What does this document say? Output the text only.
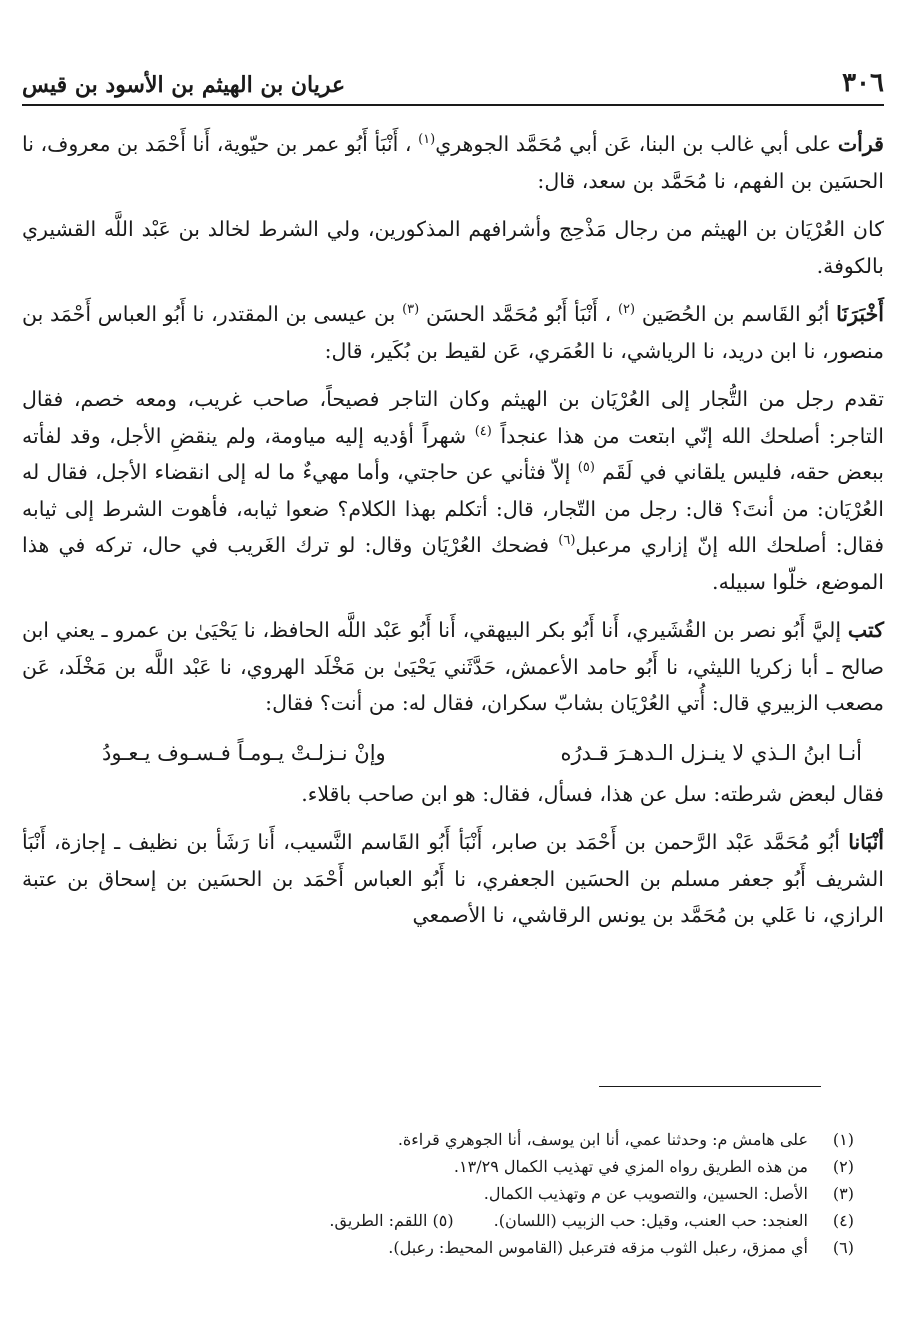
٣٠٦
عريان بن الهيثم بن الأسود بن قيس

قرأت على أبي غالب بن البنا، عَن أبي مُحَمَّد الجوهري$^{(١)}$ ، أَنْبَأ أَبُو عمر بن حيّوية، أَنا أَحْمَد بن معروف، نا الحسَين بن الفهم، نا مُحَمَّد بن سعد، قال:

كان العُرْيَان بن الهيثم من رجال مَذْحِج وأشرافهم المذكورين، ولي الشرط لخالد بن عَبْد اللَّه القشيري بالكوفة.

أَخْبَرَنَا أبُو القَاسم بن الحُصَين $^{(٢)}$ ، أَنْبَأ أَبُو مُحَمَّد الحسَن $^{(٣)}$ بن عيسى بن المقتدر، نا أَبُو العباس أَحْمَد بن منصور، نا ابن دريد، نا الرياشي، نا العُمَري، عَن لقيط بن بُكَير، قال:

تقدم رجل من التُّجار إلى العُرْيَان بن الهيثم وكان التاجر فصيحاً، صاحب غريب، ومعه خصم، فقال التاجر: أصلحك الله إنّي ابتعت من هذا عنجداً $^{(٤)}$ شهراً أؤديه إليه مياومة، ولم ينقضِ الأجل، وقد لفأته ببعض حقه، فليس يلقاني في لَقَم $^{(٥)}$ إلاّ فثأني عن حاجتي، وأما مهيءٌ ما له إلى انقضاء الأجل، فقال له العُرْيَان: من أنتَ؟ قال: رجل من التّجار، قال: أتكلم بهذا الكلام؟ ضعوا ثيابه، فأهوت الشرط إلى ثيابه فقال: أصلحك الله إنّ إزاري مرعبل$^{(٦)}$ فضحك العُرْيَان وقال: لو ترك الغَريب في حال، تركه في هذا الموضع، خلّوا سبيله.

كتب إليَّ أَبُو نصر بن القُشَيري، أَنا أَبُو بكر البيهقي، أَنا أَبُو عَبْد اللَّه الحافظ، نا يَحْيَىٰ بن عمرو ـ يعني ابن صالح ـ أبا زكريا الليثي، نا أَبُو حامد الأعمش، حَدَّثَني يَحْيَىٰ بن مَخْلَد الهروي، نا عَبْد اللَّه بن مَخْلَد، عَن مصعب الزبيري قال: أُتي العُرْيَان بشابّ سكران، فقال له: من أنت؟ فقال:

أنـا ابنُ الـذي لا ينـزل الـدهـرَ قـدرُه
وإنْ نـزلـتْ يـومـاً فـسـوف يـعـودُ

فقال لبعض شرطته: سل عن هذا، فسأل، فقال: هو ابن صاحب باقلاء.

أنْبَانا أبُو مُحَمَّد عَبْد الرَّحمن بن أَحْمَد بن صابر، أَنْبَأ أَبُو القَاسم النَّسيب، أَنا رَشَأ بن نظيف ـ إجازة، أَنْبَأ الشريف أَبُو جعفر مسلم بن الحسَين الجعفري، نا أَبُو العباس أَحْمَد بن الحسَين بن إسحاق بن عتبة الرازي، نا عَلي بن مُحَمَّد بن يونس الرقاشي، نا الأصمعي

(١)
على هامش م: وحدثنا عمي، أنا ابن يوسف، أنا الجوهري قراءة.
(٢)
من هذه الطريق رواه المزي في تهذيب الكمال ١٣/٢٩.
(٣)
الأصل: الحسين، والتصويب عن م وتهذيب الكمال.
(٤)
العنجد: حب العنب، وقيل: حب الزبيب (اللسان).
(٥) اللقم: الطريق.
(٦)
أي ممزق، رعبل الثوب مزقه فترعبل (القاموس المحيط: رعبل).
